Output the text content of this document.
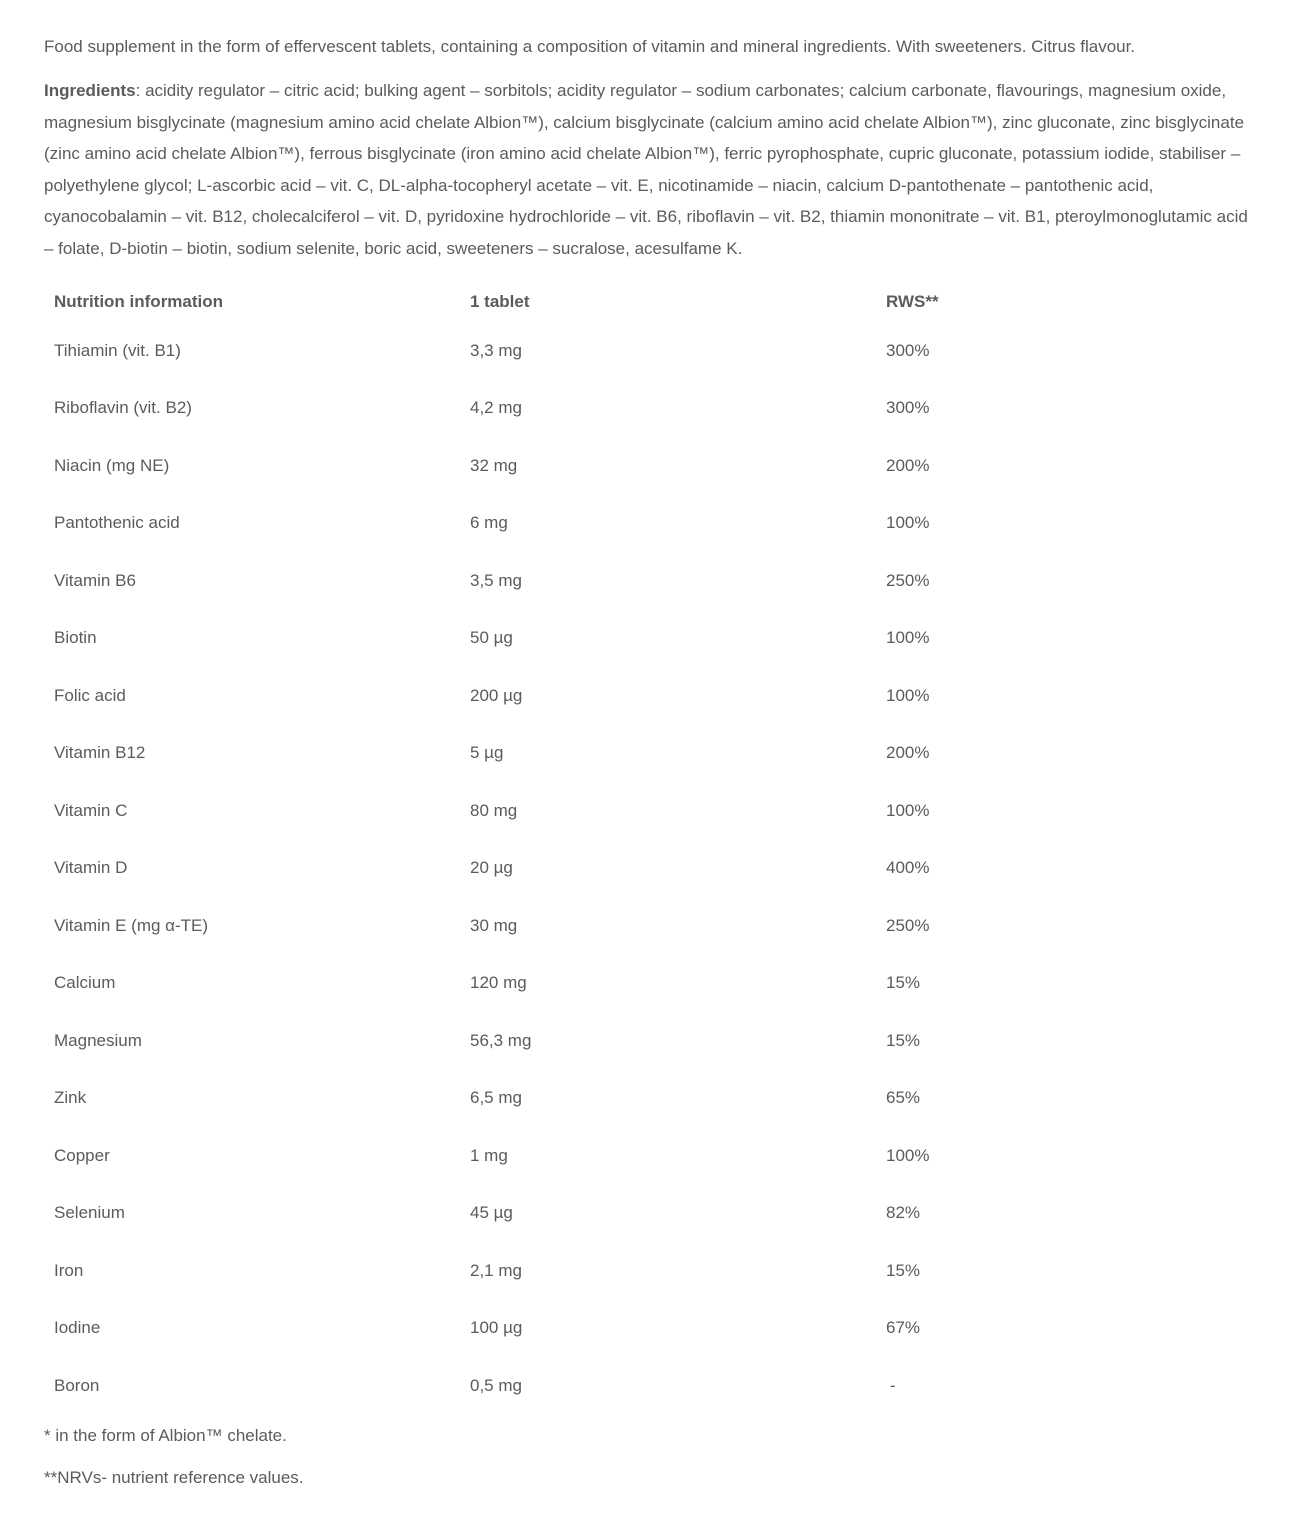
Food supplement in the form of effervescent tablets, containing a composition of vitamin and mineral ingredients. With sweeteners. Citrus flavour.

Ingredients: acidity regulator – citric acid; bulking agent – sorbitols; acidity regulator – sodium carbonates; calcium carbonate, flavourings, magnesium oxide, magnesium bisglycinate (magnesium amino acid chelate Albion™), calcium bisglycinate (calcium amino acid chelate Albion™), zinc gluconate, zinc bisglycinate (zinc amino acid chelate Albion™), ferrous bisglycinate (iron amino acid chelate Albion™), ferric pyrophosphate, cupric gluconate, potassium iodide, stabiliser – polyethylene glycol; L-ascorbic acid – vit. C, DL-alpha-tocopheryl acetate – vit. E, nicotinamide – niacin, calcium D-pantothenate – pantothenic acid, cyanocobalamin – vit. B12, cholecalciferol – vit. D, pyridoxine hydrochloride – vit. B6, riboflavin – vit. B2, thiamin mononitrate – vit. B1, pteroylmonoglutamic acid – folate, D-biotin – biotin, sodium selenite, boric acid, sweeteners – sucralose, acesulfame K.

Nutrition information	1 tablet	RWS**
Tihiamin (vit. B1)	3,3 mg	300%
Riboflavin (vit. B2)	4,2 mg	300%
Niacin (mg NE)	32 mg	200%
Pantothenic acid	6 mg	100%
Vitamin B6	3,5 mg	250%
Biotin	50 µg	100%
Folic acid	200 µg	100%
Vitamin B12	5 µg	200%
Vitamin C	80 mg	100%
Vitamin D	20 µg	400%
Vitamin E (mg α-TE)	30 mg	250%
Calcium	120 mg	15%
Magnesium	56,3 mg	15%
Zink	6,5 mg	65%
Copper	1 mg	100%
Selenium	45 µg	82%
Iron	2,1 mg	15%
Iodine	100 µg	67%
Boron	0,5 mg	-

* in the form of Albion™ chelate.

**NRVs- nutrient reference values.
